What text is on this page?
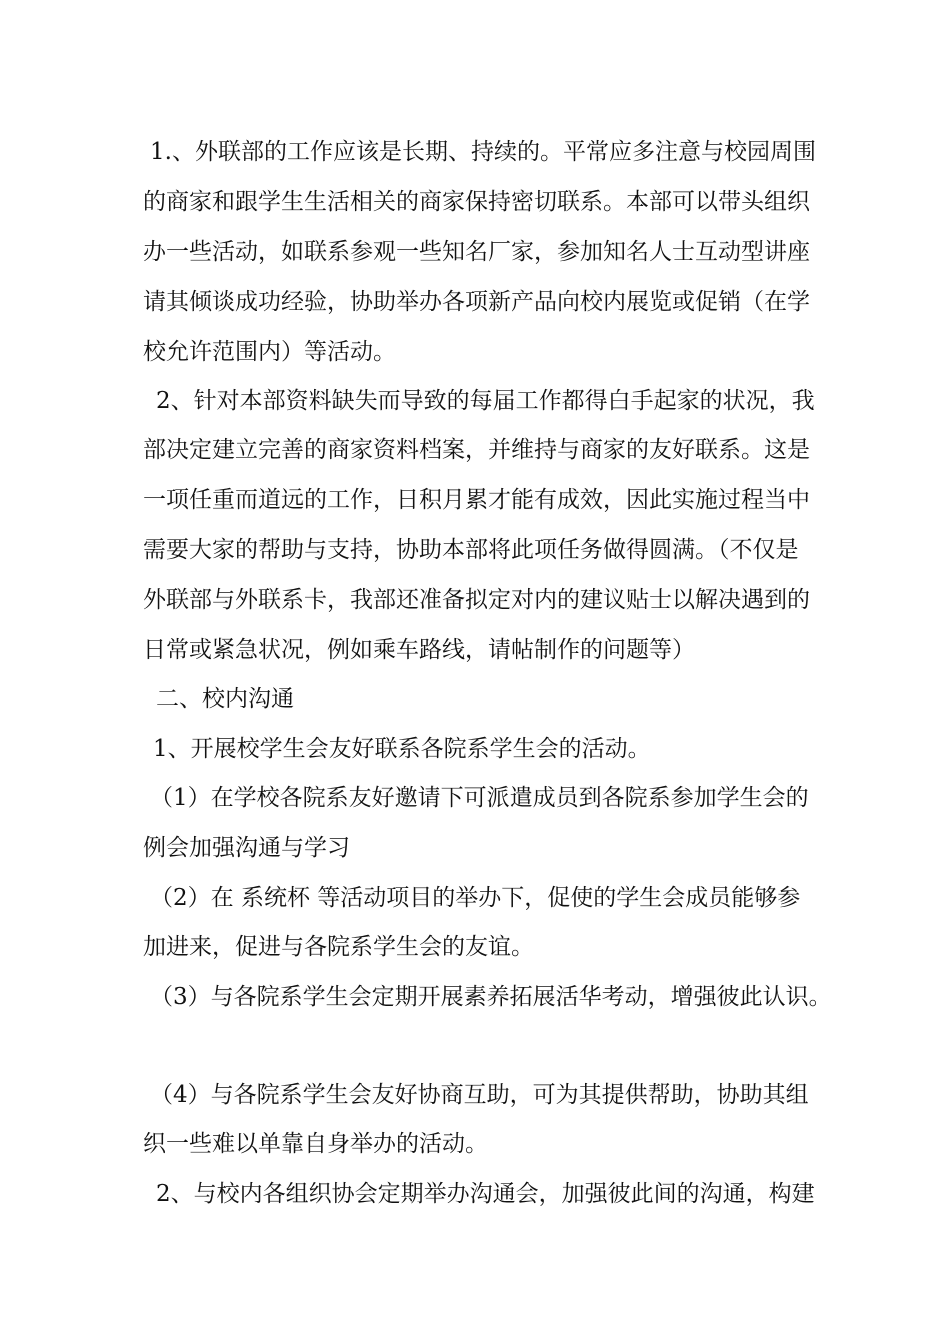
1.、外联部的工作应该是长期、持续的。平常应多注意与校园周围

的商家和跟学生生活相关的商家保持密切联系。本部可以带头组织

办一些活动，如联系参观一些知名厂家，参加知名人士互动型讲座

请其倾谈成功经验，协助举办各项新产品向校内展览或促销（在学

校允许范围内）等活动。

2、针对本部资料缺失而导致的每届工作都得白手起家的状况，我

部决定建立完善的商家资料档案，并维持与商家的友好联系。这是

一项任重而道远的工作，日积月累才能有成效，因此实施过程当中

需要大家的帮助与支持，协助本部将此项任务做得圆满。（不仅是

外联部与外联系卡，我部还准备拟定对内的建议贴士以解决遇到的

日常或紧急状况，例如乘车路线，请帖制作的问题等）

二、校内沟通

1、开展校学生会友好联系各院系学生会的活动。

（1）在学校各院系友好邀请下可派遣成员到各院系参加学生会的

例会加强沟通与学习

（2）在 系统杯 等活动项目的举办下，促使的学生会成员能够参

加进来，促进与各院系学生会的友谊。

（3）与各院系学生会定期开展素养拓展活华考动，增强彼此认识。

（4）与各院系学生会友好协商互助，可为其提供帮助，协助其组

织一些难以单靠自身举办的活动。

2、与校内各组织协会定期举办沟通会，加强彼此间的沟通，构建
